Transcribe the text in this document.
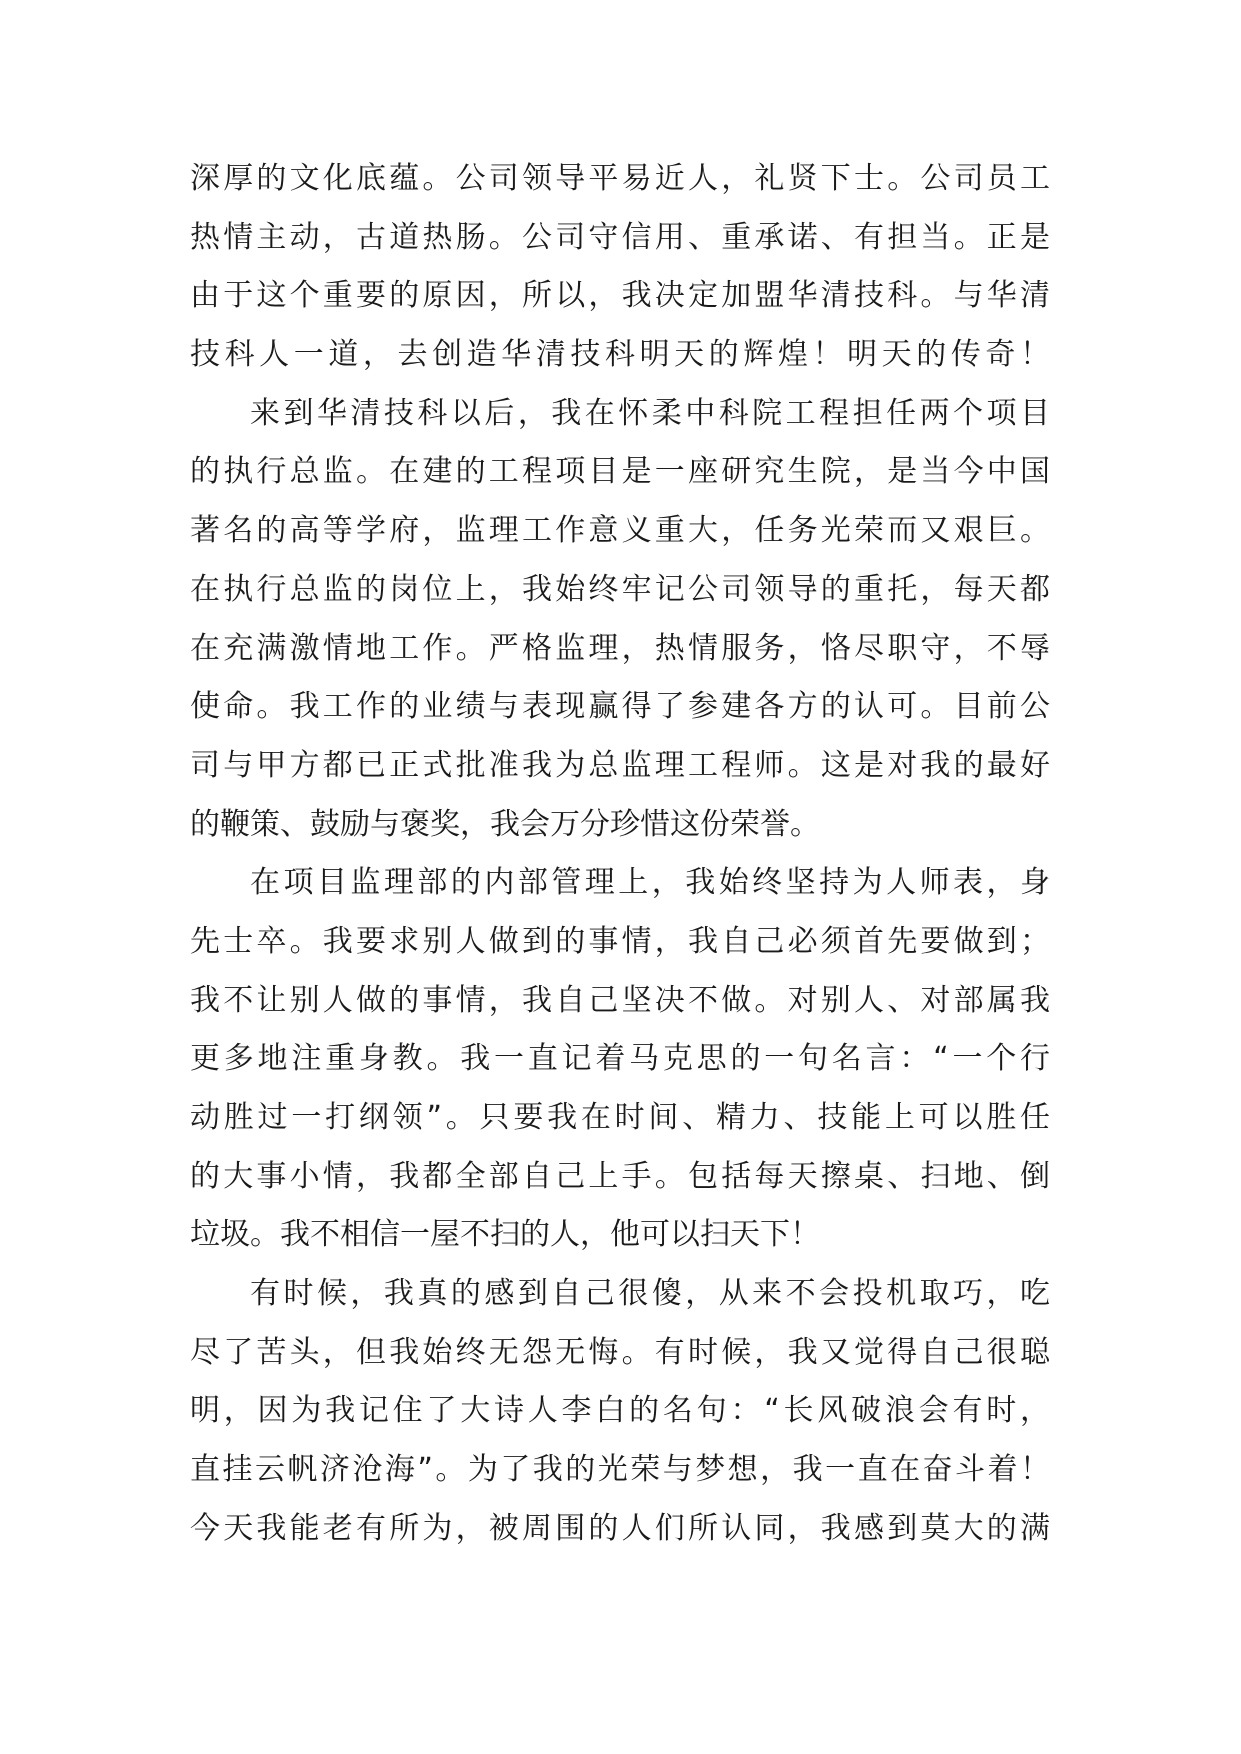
深厚的文化底蕴。公司领导平易近人，礼贤下士。公司员工
热情主动，古道热肠。公司守信用、重承诺、有担当。正是
由于这个重要的原因，所以，我决定加盟华清技科。与华清
技科人一道，去创造华清技科明天的辉煌！明天的传奇！
来到华清技科以后，我在怀柔中科院工程担任两个项目
的执行总监。在建的工程项目是一座研究生院，是当今中国
著名的高等学府，监理工作意义重大，任务光荣而又艰巨。
在执行总监的岗位上，我始终牢记公司领导的重托，每天都
在充满激情地工作。严格监理，热情服务，恪尽职守，不辱
使命。我工作的业绩与表现赢得了参建各方的认可。目前公
司与甲方都已正式批准我为总监理工程师。这是对我的最好
的鞭策、鼓励与褒奖，我会万分珍惜这份荣誉。
在项目监理部的内部管理上，我始终坚持为人师表，身
先士卒。我要求别人做到的事情，我自己必须首先要做到；
我不让别人做的事情，我自己坚决不做。对别人、对部属我
更多地注重身教。我一直记着马克思的一句名言：“一个行
动胜过一打纲领”。只要我在时间、精力、技能上可以胜任
的大事小情，我都全部自己上手。包括每天擦桌、扫地、倒
垃圾。我不相信一屋不扫的人，他可以扫天下！
有时候，我真的感到自己很傻，从来不会投机取巧，吃
尽了苦头，但我始终无怨无悔。有时候，我又觉得自己很聪
明，因为我记住了大诗人李白的名句：“长风破浪会有时，
直挂云帆济沧海”。为了我的光荣与梦想，我一直在奋斗着！
今天我能老有所为，被周围的人们所认同，我感到莫大的满
